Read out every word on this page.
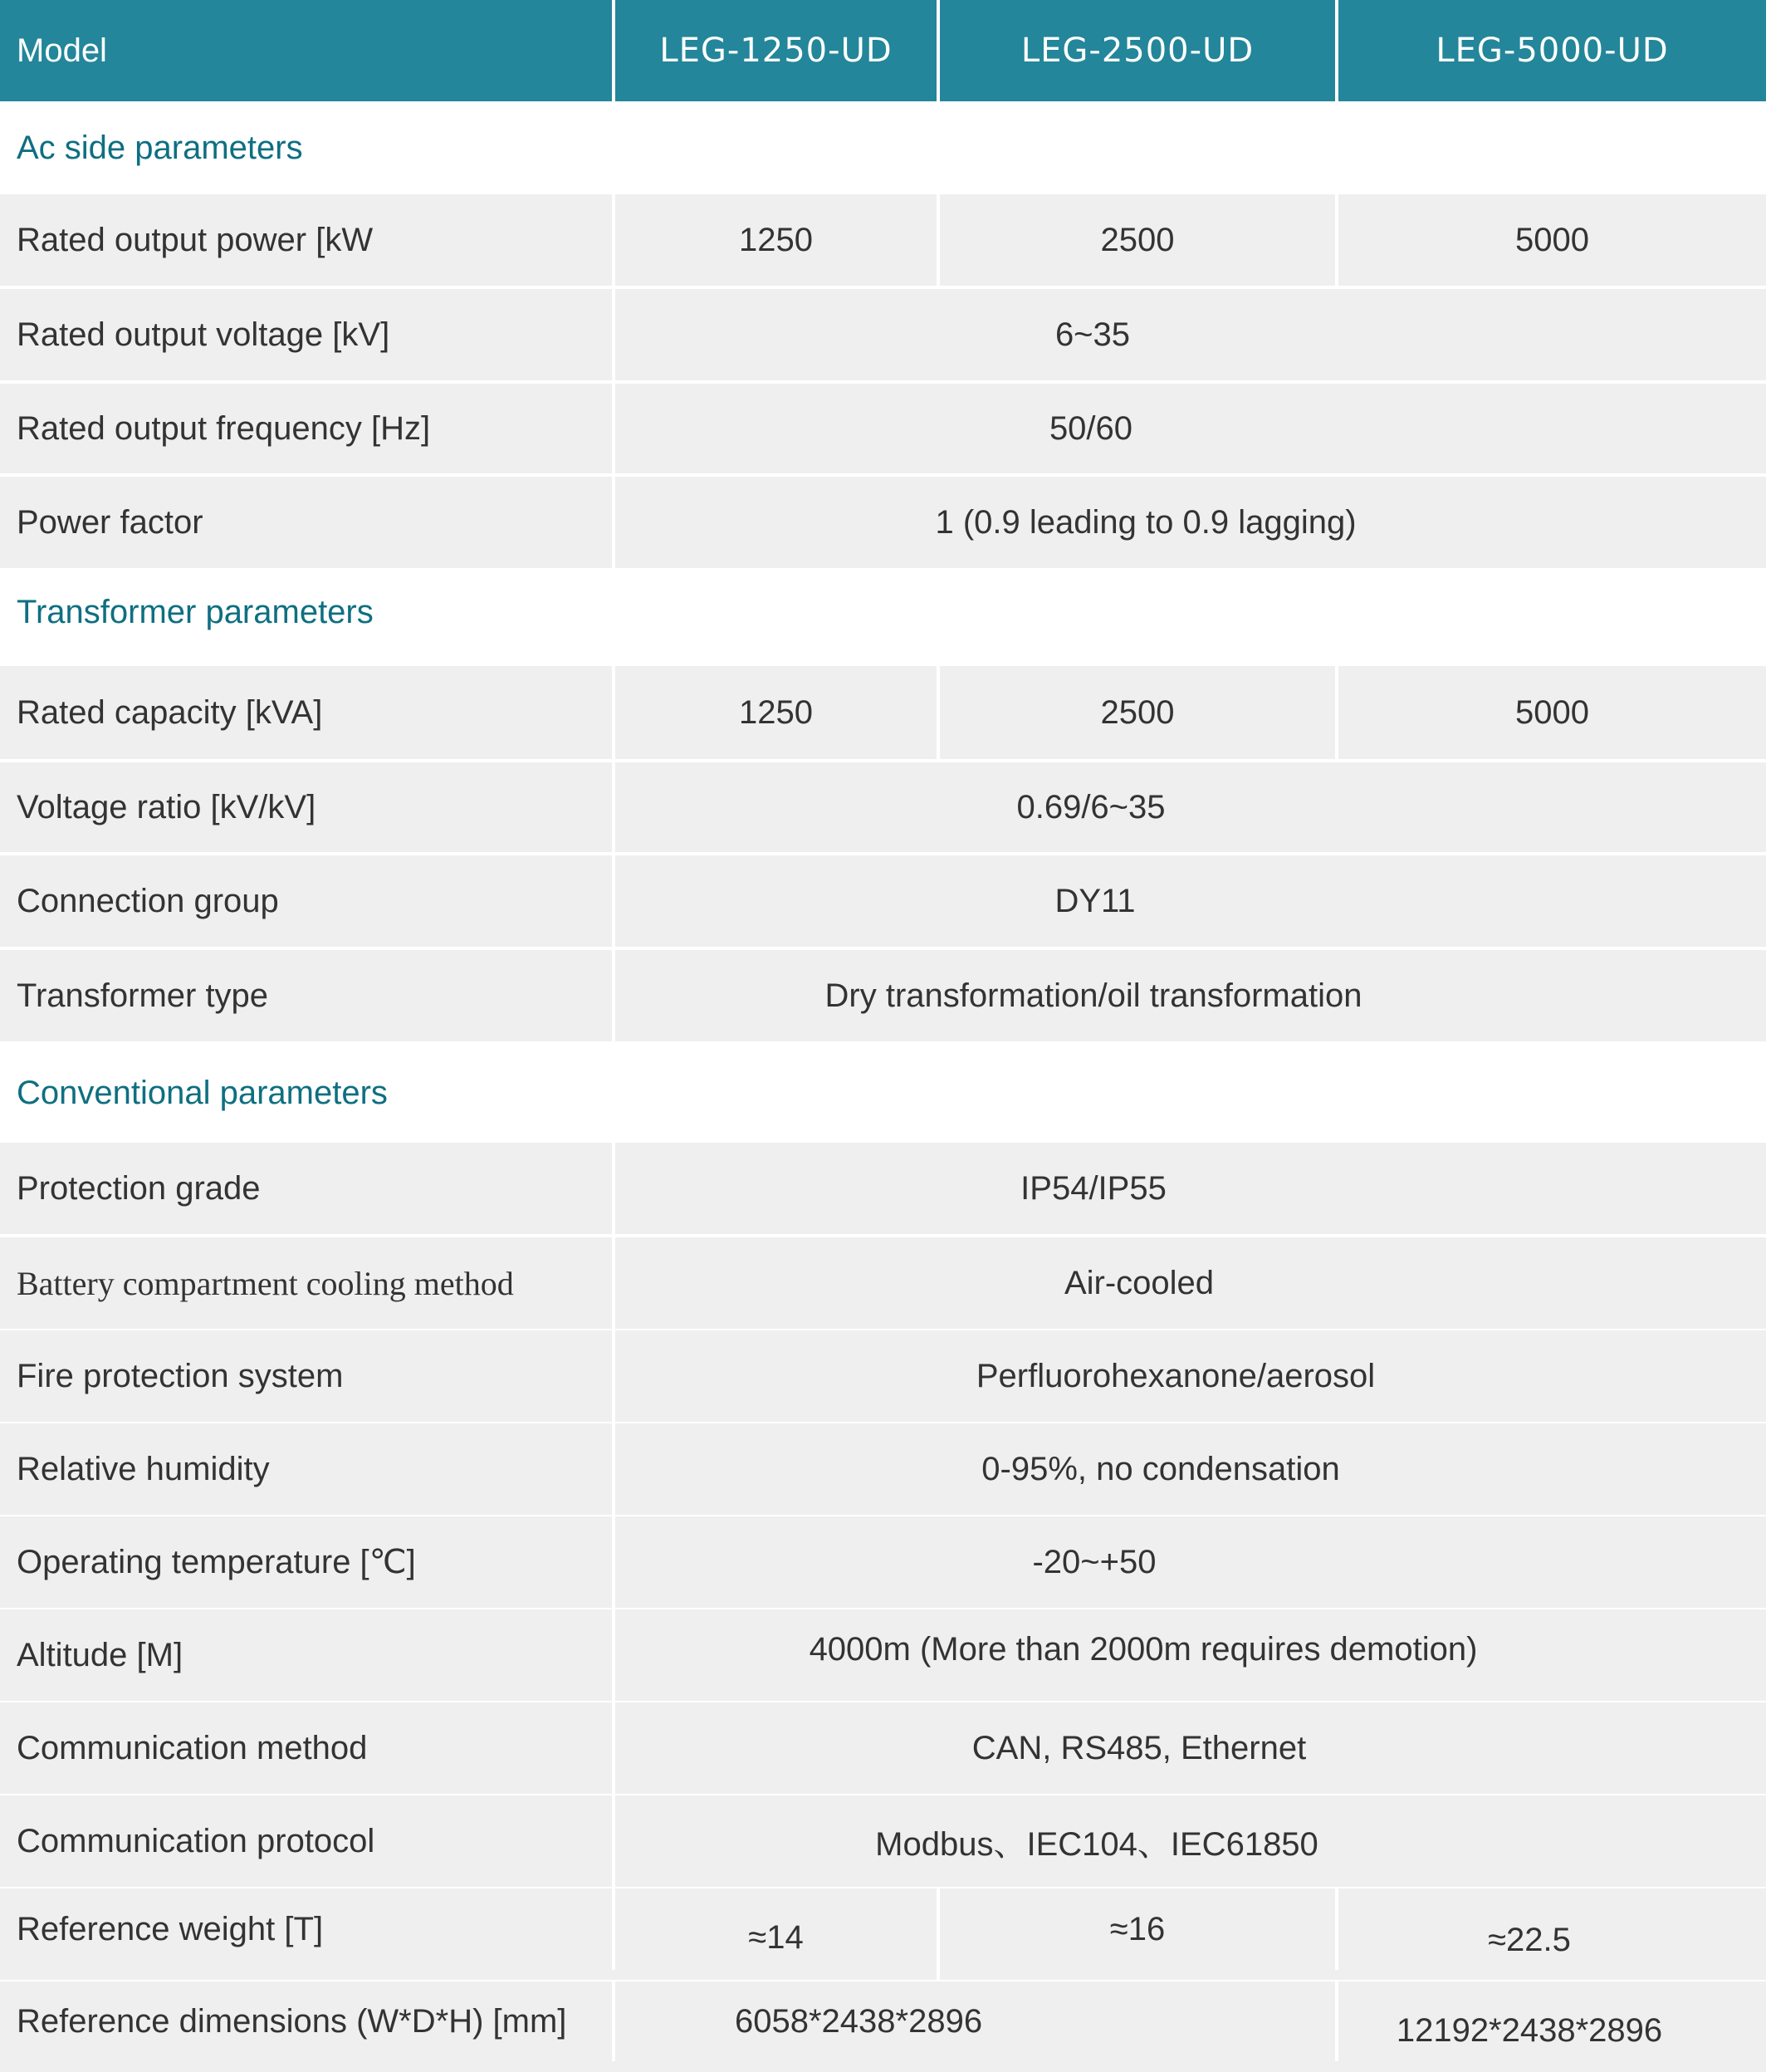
Model	LEG-1250-UD	LEG-2500-UD	LEG-5000-UD
Ac side parameters
Rated output power [kW	1250	2500	5000
Rated output voltage [kV]	6~35
Rated output frequency [Hz]	50/60
Power factor	1 (0.9 leading to 0.9 lagging)
Transformer parameters
Rated capacity [kVA]	1250	2500	5000
Voltage ratio [kV/kV]	0.69/6~35
Connection group	DY11
Transformer type	Dry transformation/oil transformation
Conventional parameters
Protection grade	IP54/IP55
Battery compartment cooling method	Air-cooled
Fire protection system	Perfluorohexanone/aerosol
Relative humidity	0-95%, no condensation
Operating temperature [℃]	-20~+50
Altitude [M]	4000m (More than 2000m requires demotion)
Communication method	CAN, RS485, Ethernet
Communication protocol	Modbus、IEC104、IEC61850
Reference weight [T]	≈14	≈16	≈22.5
Reference dimensions (W*D*H) [mm]	6058*2438*2896	12192*2438*2896
